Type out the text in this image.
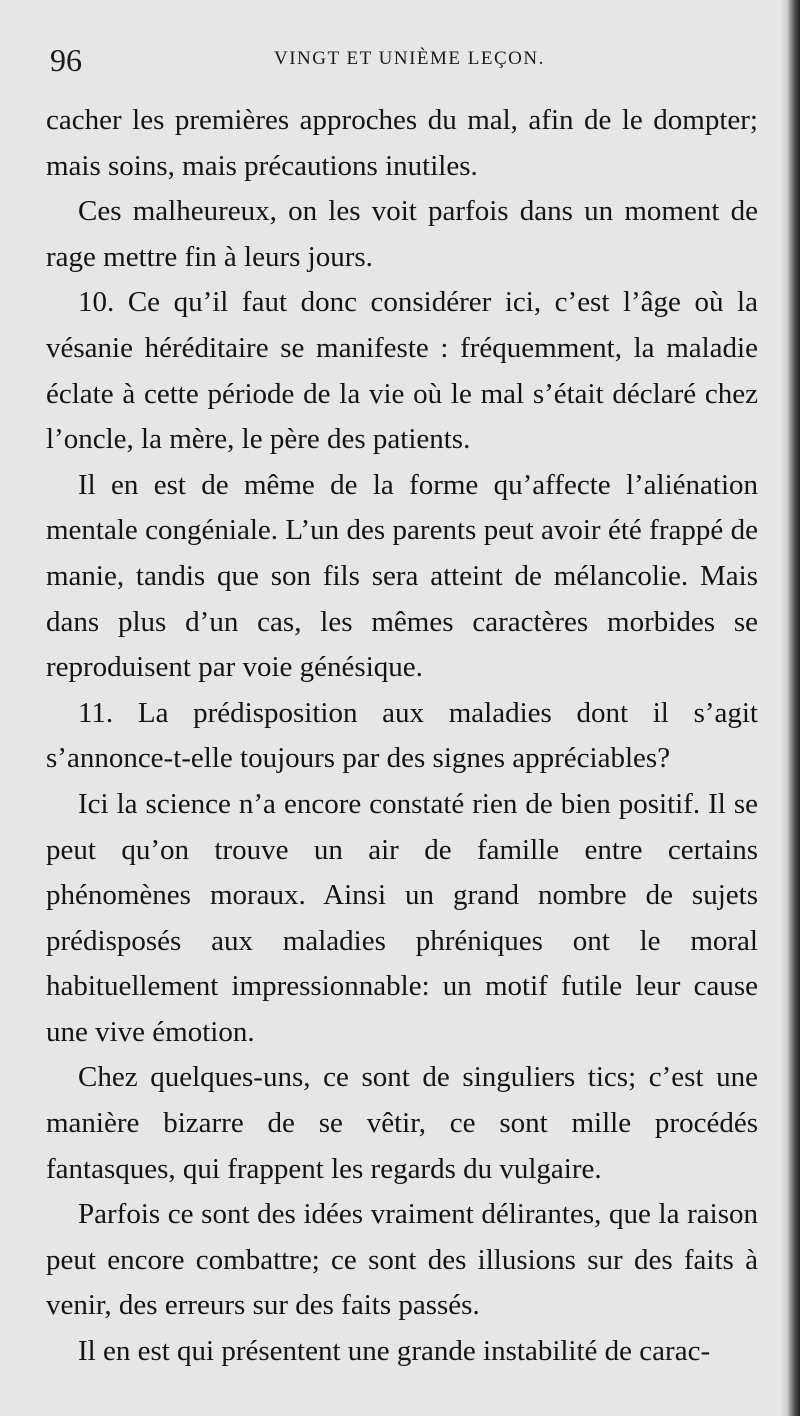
96	VINGT ET UNIÈME LEÇON.

cacher les premières approches du mal, afin de le dompter; mais soins, mais précautions inutiles.

Ces malheureux, on les voit parfois dans un moment de rage mettre fin à leurs jours.

10. Ce qu’il faut donc considérer ici, c’est l’âge où la vésanie héréditaire se manifeste : fréquemment, la maladie éclate à cette période de la vie où le mal s’était déclaré chez l’oncle, la mère, le père des patients.

Il en est de même de la forme qu’affecte l’aliénation mentale congéniale. L’un des parents peut avoir été frappé de manie, tandis que son fils sera atteint de mélancolie. Mais dans plus d’un cas, les mêmes caractères morbides se reproduisent par voie génésique.

11. La prédisposition aux maladies dont il s’agit s’annonce-t-elle toujours par des signes appréciables?

Ici la science n’a encore constaté rien de bien positif. Il se peut qu’on trouve un air de famille entre certains phénomènes moraux. Ainsi un grand nombre de sujets prédisposés aux maladies phréniques ont le moral habituellement impressionnable: un motif futile leur cause une vive émotion.

Chez quelques-uns, ce sont de singuliers tics; c’est une manière bizarre de se vêtir, ce sont mille procédés fantasques, qui frappent les regards du vulgaire.

Parfois ce sont des idées vraiment délirantes, que la raison peut encore combattre; ce sont des illusions sur des faits à venir, des erreurs sur des faits passés.

Il en est qui présentent une grande instabilité de carac-
